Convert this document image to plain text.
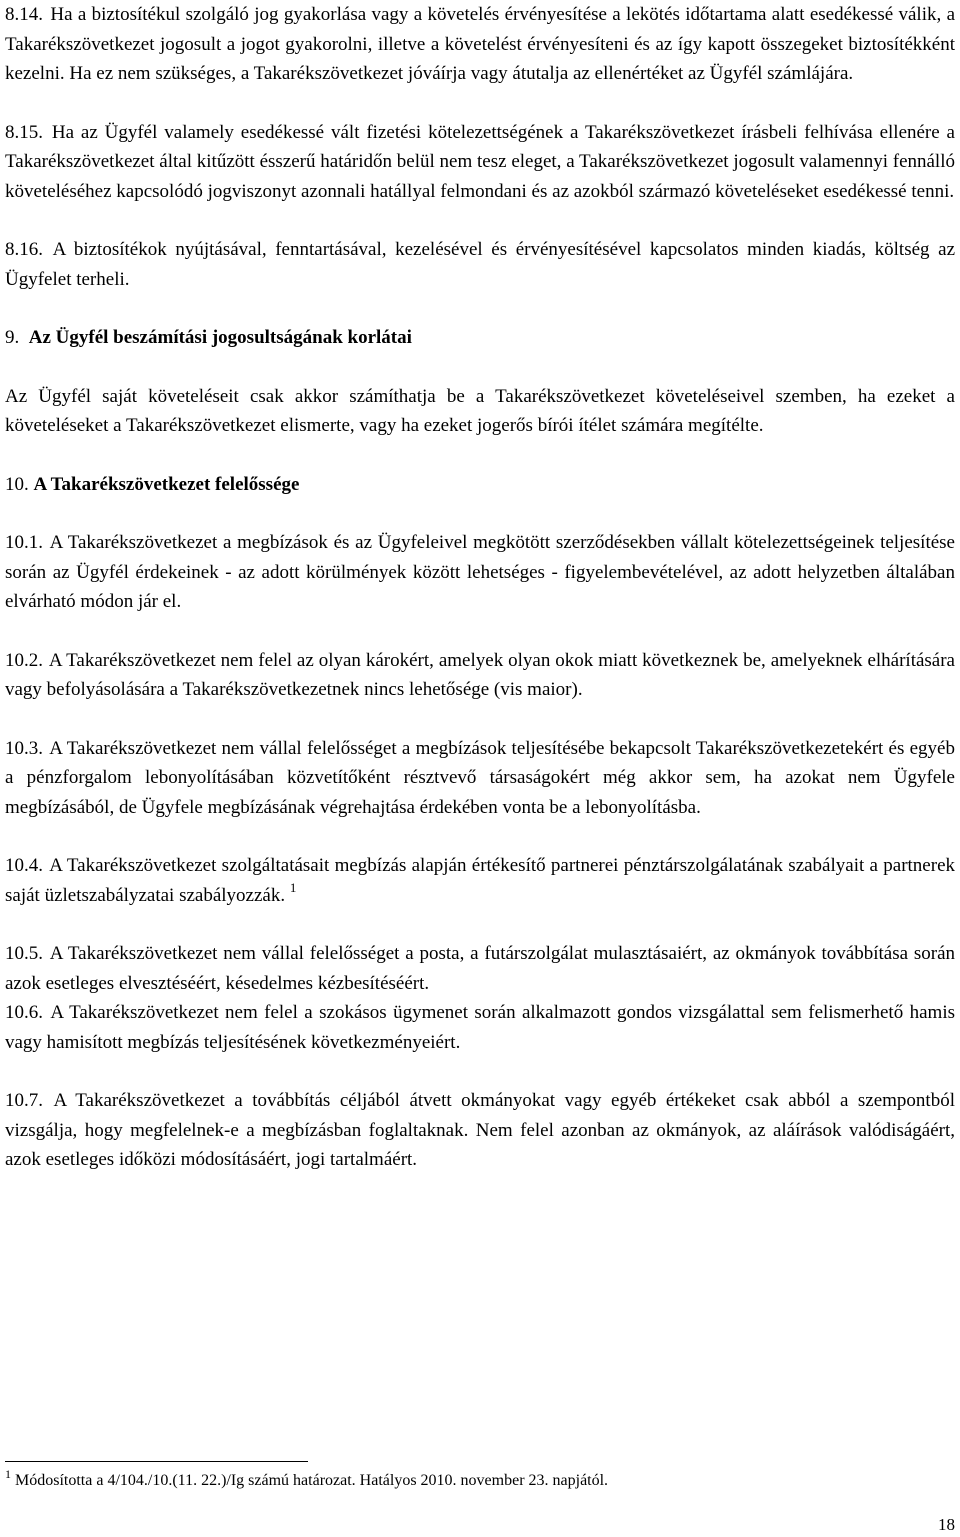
8.14. Ha a biztosítékul szolgáló jog gyakorlása vagy a követelés érvényesítése a lekötés időtartama alatt esedékessé válik, a Takarékszövetkezet jogosult a jogot gyakorolni, illetve a követelést érvényesíteni és az így kapott összegeket biztosítékként kezelni. Ha ez nem szükséges, a Takarékszövetkezet jóváírja vagy átutalja az ellenértéket az Ügyfél számlájára.

8.15. Ha az Ügyfél valamely esedékessé vált fizetési kötelezettségének a Takarékszövetkezet írásbeli felhívása ellenére a Takarékszövetkezet által kitűzött ésszerű határidőn belül nem tesz eleget, a Takarékszövetkezet jogosult valamennyi fennálló követeléséhez kapcsolódó jogviszonyt azonnali hatállyal felmondani és az azokból származó követeléseket esedékessé tenni.

8.16. A biztosítékok nyújtásával, fenntartásával, kezelésével és érvényesítésével kapcsolatos minden kiadás, költség az Ügyfelet terheli.

9. Az Ügyfél beszámítási jogosultságának korlátai

Az Ügyfél saját követeléseit csak akkor számíthatja be a Takarékszövetkezet követeléseivel szemben, ha ezeket a követeléseket a Takarékszövetkezet elismerte, vagy ha ezeket jogerős bírói ítélet számára megítélte.

10. A Takarékszövetkezet felelőssége

10.1. A Takarékszövetkezet a megbízások és az Ügyfeleivel megkötött szerződésekben vállalt kötelezettségeinek teljesítése során az Ügyfél érdekeinek - az adott körülmények között lehetséges - figyelembevételével, az adott helyzetben általában elvárható módon jár el.

10.2. A Takarékszövetkezet nem felel az olyan károkért, amelyek olyan okok miatt következnek be, amelyeknek elhárítására vagy befolyásolására a Takarékszövetkezetnek nincs lehetősége (vis maior).

10.3. A Takarékszövetkezet nem vállal felelősséget a megbízások teljesítésébe bekapcsolt Takarékszövetkezetekért és egyéb a pénzforgalom lebonyolításában közvetítőként résztvevő társaságokért még akkor sem, ha azokat nem Ügyfele megbízásából, de Ügyfele megbízásának végrehajtása érdekében vonta be a lebonyolításba.

10.4. A Takarékszövetkezet szolgáltatásait megbízás alapján értékesítő partnerei pénztárszolgálatának szabályait a partnerek saját üzletszabályzatai szabályozzák. $^1$

10.5. A Takarékszövetkezet nem vállal felelősséget a posta, a futárszolgálat mulasztásaiért, az okmányok továbbítása során azok esetleges elvesztéséért, késedelmes kézbesítéséért.

10.6. A Takarékszövetkezet nem felel a szokásos ügymenet során alkalmazott gondos vizsgálattal sem felismerhető hamis vagy hamisított megbízás teljesítésének következményeiért.

10.7. A Takarékszövetkezet a továbbítás céljából átvett okmányokat vagy egyéb értékeket csak abból a szempontból vizsgálja, hogy megfelelnek-e a megbízásban foglaltaknak. Nem felel azonban az okmányok, az aláírások valódiságáért, azok esetleges időközi módosításáért, jogi tartalmáért.

$^1$ Módosította a 4/104./10.(11. 22.)/Ig számú határozat. Hatályos 2010. november 23. napjától.
18
